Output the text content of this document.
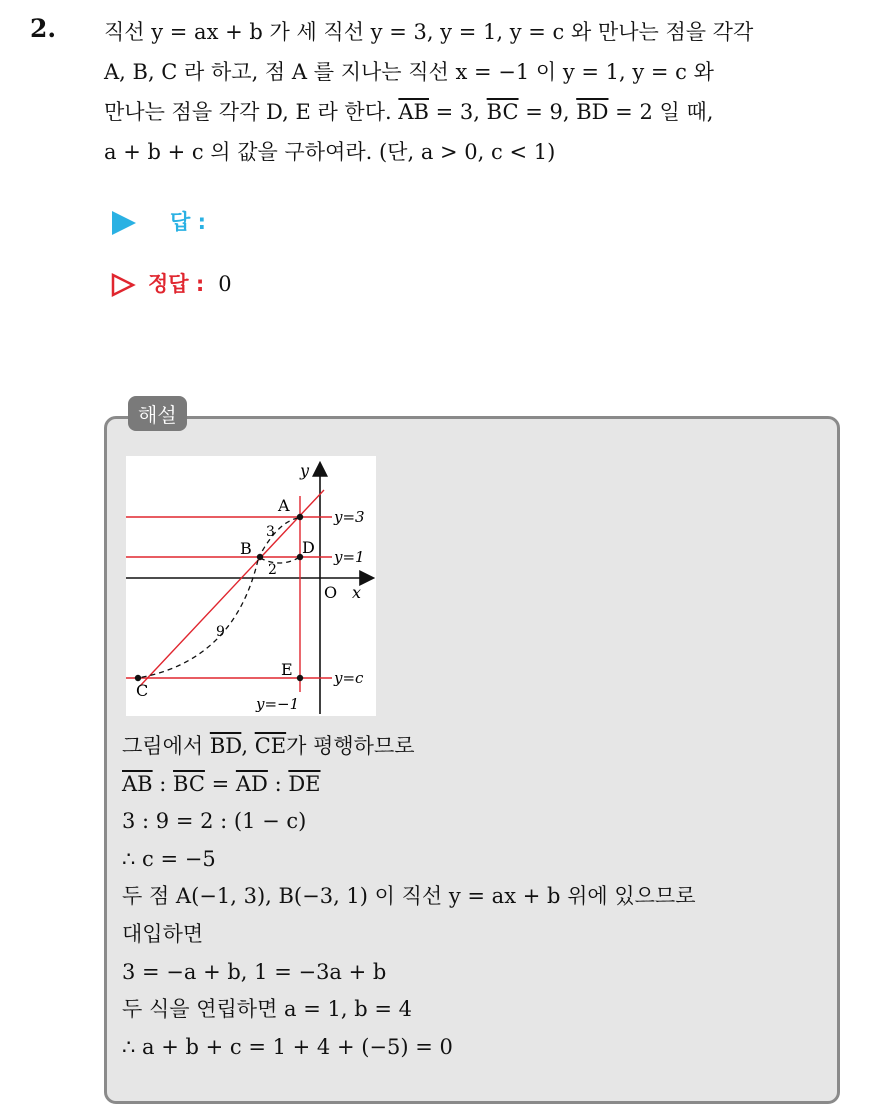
2. 직선 y = ax + b 가 세 직선 y = 3, y = 1, y = c 와 만나는 점을 각각
A, B, C 라 하고, 점 A 를 지나는 직선 x = −1 이 y = 1, y = c 와
만나는 점을 각각 D, E 라 한다. $\overline{AB} = 3$, $\overline{BC} = 9$, $\overline{BD} = 2$ 일 때,
a + b + c 의 값을 구하여라. (단, a > 0, c < 1)
답 :
정답 : 0
해설
y
x
O
A
B	D
E
C
y=3
y=1
y=c
y=−1
3
2
9
그림에서 $\overline{BD}$, $\overline{CE}$가 평행하므로
$\overline{AB}$ : $\overline{BC} = \overline{AD}$ : $\overline{DE}$
3 : 9 = 2 : (1 − c)
∴ c = −5
두 점 A(−1, 3), B(−3, 1) 이 직선 y = ax + b 위에 있으므로
대입하면
3 = −a + b, 1 = −3a + b
두 식을 연립하면 a = 1, b = 4
∴ a + b + c = 1 + 4 + (−5) = 0
